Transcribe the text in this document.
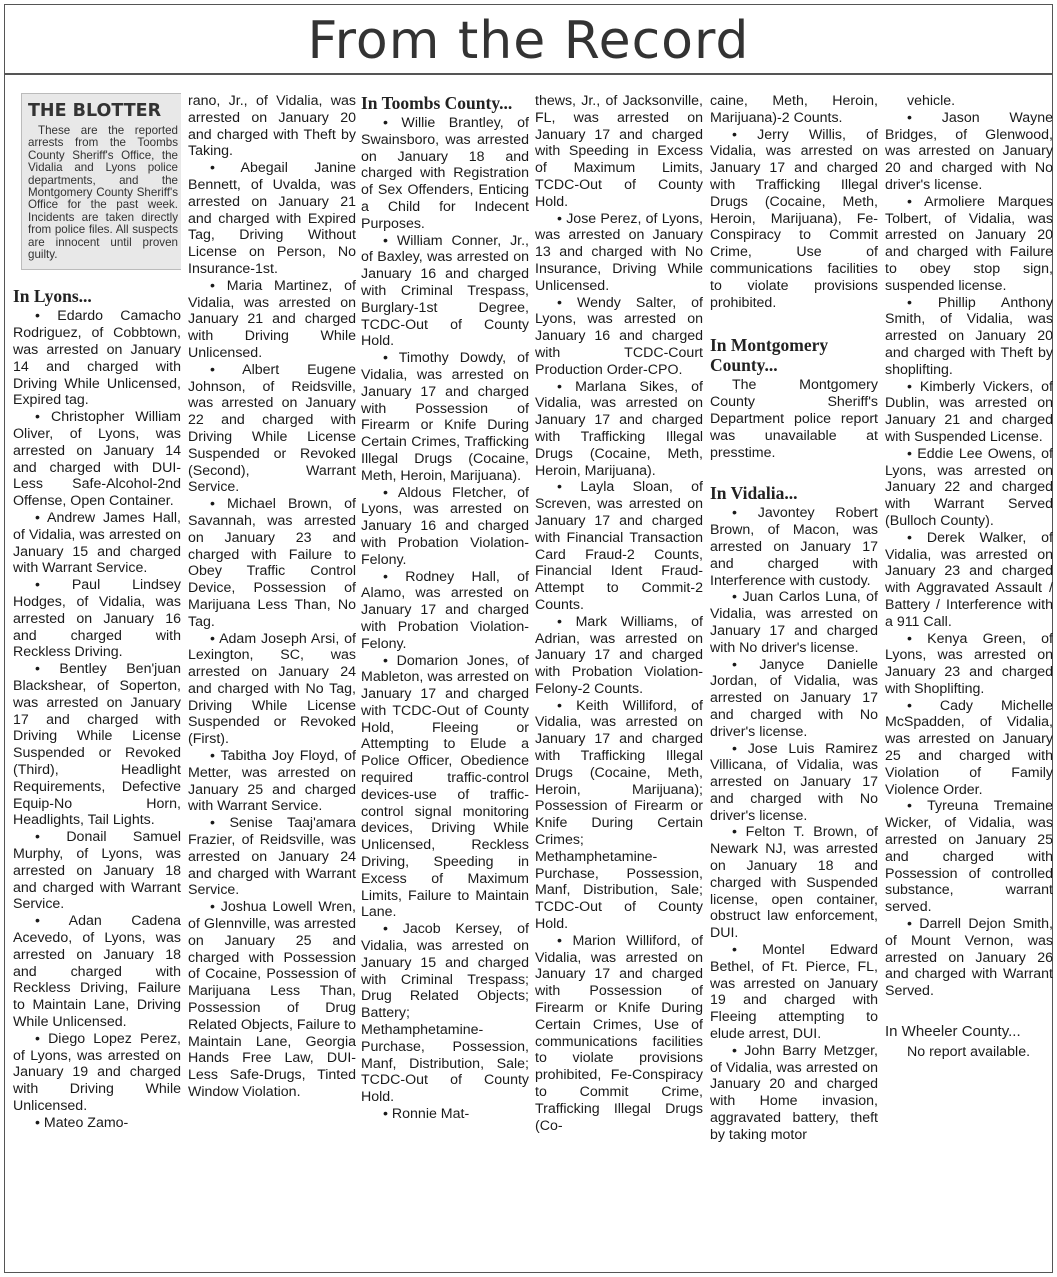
From the Record
THE BLOTTER
These are the reported arrests from the Toombs County Sheriff's Office, the Vidalia and Lyons police departments, and the Montgomery County Sheriff's Office for the past week. Incidents are taken directly from police files. All suspects are innocent until proven guilty.
In Lyons...

• Edardo Camacho Rodriguez, of Cobbtown, was arrested on January 14 and charged with Driving While Unlicensed, Expired tag.

• Christopher William Oliver, of Lyons, was arrested on January 14 and charged with DUI-Less Safe-Alcohol-2nd Offense, Open Container.

• Andrew James Hall, of Vidalia, was arrested on January 15 and charged with Warrant Service.

• Paul Lindsey Hodges, of Vidalia, was arrested on January 16 and charged with Reckless Driving.

• Bentley Ben'juan Blackshear, of Soperton, was arrested on January 17 and charged with Driving While License Suspended or Revoked (Third), Headlight Requirements, Defective Equip-No Horn, Headlights, Tail Lights.

• Donail Samuel Murphy, of Lyons, was arrested on January 18 and charged with Warrant Service.

• Adan Cadena Acevedo, of Lyons, was arrested on January 18 and charged with Reckless Driving, Failure to Maintain Lane, Driving While Unlicensed.

• Diego Lopez Perez, of Lyons, was arrested on January 19 and charged with Driving While Unlicensed.

• Mateo Zamo-

rano, Jr., of Vidalia, was arrested on January 20 and charged with Theft by Taking.

• Abegail Janine Bennett, of Uvalda, was arrested on January 21 and charged with Expired Tag, Driving Without License on Person, No Insurance-1st.

• Maria Martinez, of Vidalia, was arrested on January 21 and charged with Driving While Unlicensed.

• Albert Eugene Johnson, of Reidsville, was arrested on January 22 and charged with Driving While License Suspended or Revoked (Second), Warrant Service.

• Michael Brown, of Savannah, was arrested on January 23 and charged with Failure to Obey Traffic Control Device, Possession of Marijuana Less Than, No Tag.

• Adam Joseph Arsi, of Lexington, SC, was arrested on January 24 and charged with No Tag, Driving While License Suspended or Revoked (First).

• Tabitha Joy Floyd, of Metter, was arrested on January 25 and charged with Warrant Service.

• Senise Taaj'amara Frazier, of Reidsville, was arrested on January 24 and charged with Warrant Service.

• Joshua Lowell Wren, of Glennville, was arrested on January 25 and charged with Possession of Cocaine, Possession of Marijuana Less Than, Possession of Drug Related Objects, Failure to Maintain Lane, Georgia Hands Free Law, DUI-Less Safe-Drugs, Tinted Window Violation.

In Toombs County...

• Willie Brantley, of Swainsboro, was arrested on January 18 and charged with Registration of Sex Offenders, Enticing a Child for Indecent Purposes.

• William Conner, Jr., of Baxley, was arrested on January 16 and charged with Criminal Trespass, Burglary-1st Degree, TCDC-Out of County Hold.

• Timothy Dowdy, of Vidalia, was arrested on January 17 and charged with Possession of Firearm or Knife During Certain Crimes, Trafficking Illegal Drugs (Cocaine, Meth, Heroin, Marijuana).

• Aldous Fletcher, of Lyons, was arrested on January 16 and charged with Probation Violation-Felony.

• Rodney Hall, of Alamo, was arrested on January 17 and charged with Probation Violation-Felony.

• Domarion Jones, of Mableton, was arrested on January 17 and charged with TCDC-Out of County Hold, Fleeing or Attempting to Elude a Police Officer, Obedience required traffic-control devices-use of traffic-control signal monitoring devices, Driving While Unlicensed, Reckless Driving, Speeding in Excess of Maximum Limits, Failure to Maintain Lane.

• Jacob Kersey, of Vidalia, was arrested on January 15 and charged with Criminal Trespass; Drug Related Objects; Battery; Methamphetamine-Purchase, Possession, Manf, Distribution, Sale; TCDC-Out of County Hold.

• Ronnie Mat-

thews, Jr., of Jacksonville, FL, was arrested on January 17 and charged with Speeding in Excess of Maximum Limits, TCDC-Out of County Hold.

• Jose Perez, of Lyons, was arrested on January 13 and charged with No Insurance, Driving While Unlicensed.

• Wendy Salter, of Lyons, was arrested on January 16 and charged with TCDC-Court Production Order-CPO.

• Marlana Sikes, of Vidalia, was arrested on January 17 and charged with Trafficking Illegal Drugs (Cocaine, Meth, Heroin, Marijuana).

• Layla Sloan, of Screven, was arrested on January 17 and charged with Financial Transaction Card Fraud-2 Counts, Financial Ident Fraud-Attempt to Commit-2 Counts.

• Mark Williams, of Adrian, was arrested on January 17 and charged with Probation Violation-Felony-2 Counts.

• Keith Williford, of Vidalia, was arrested on January 17 and charged with Trafficking Illegal Drugs (Cocaine, Meth, Heroin, Marijuana); Possession of Firearm or Knife During Certain Crimes; Methamphetamine-Purchase, Possession, Manf, Distribution, Sale; TCDC-Out of County Hold.

• Marion Williford, of Vidalia, was arrested on January 17 and charged with Possession of Firearm or Knife During Certain Crimes, Use of communications facilities to violate provisions prohibited, Fe-Conspiracy to Commit Crime, Trafficking Illegal Drugs (Co-

caine, Meth, Heroin, Marijuana)-2 Counts.

• Jerry Willis, of Vidalia, was arrested on January 17 and charged with Trafficking Illegal Drugs (Cocaine, Meth, Heroin, Marijuana), Fe-Conspiracy to Commit Crime, Use of communications facilities to violate provisions prohibited.

In Montgomery County...

The Montgomery County Sheriff's Department police report was unavailable at presstime.

In Vidalia...

• Javontey Robert Brown, of Macon, was arrested on January 17 and charged with Interference with custody.

• Juan Carlos Luna, of Vidalia, was arrested on January 17 and charged with No driver's license.

• Janyce Danielle Jordan, of Vidalia, was arrested on January 17 and charged with No driver's license.

• Jose Luis Ramirez Villicana, of Vidalia, was arrested on January 17 and charged with No driver's license.

• Felton T. Brown, of Newark NJ, was arrested on January 18 and charged with Suspended license, open container, obstruct law enforcement, DUI.

• Montel Edward Bethel, of Ft. Pierce, FL, was arrested on January 19 and charged with Fleeing attempting to elude arrest, DUI.

• John Barry Metzger, of Vidalia, was arrested on January 20 and charged with Home invasion, aggravated battery, theft by taking motor

vehicle.

• Jason Wayne Bridges, of Glenwood, was arrested on January 20 and charged with No driver's license.

• Armoliere Marques Tolbert, of Vidalia, was arrested on January 20 and charged with Failure to obey stop sign, suspended license.

• Phillip Anthony Smith, of Vidalia, was arrested on January 20 and charged with Theft by shoplifting.

• Kimberly Vickers, of Dublin, was arrested on January 21 and charged with Suspended License.

• Eddie Lee Owens, of Lyons, was arrested on January 22 and charged with Warrant Served (Bulloch County).

• Derek Walker, of Vidalia, was arrested on January 23 and charged with Aggravated Assault / Battery / Interference with a 911 Call.

• Kenya Green, of Lyons, was arrested on January 23 and charged with Shoplifting.

• Cady Michelle McSpadden, of Vidalia, was arrested on January 25 and charged with Violation of Family Violence Order.

• Tyreuna Tremaine Wicker, of Vidalia, was arrested on January 25 and charged with Possession of controlled substance, warrant served.

• Darrell Dejon Smith, of Mount Vernon, was arrested on January 26 and charged with Warrant Served.

In Wheeler County...

No report available.
